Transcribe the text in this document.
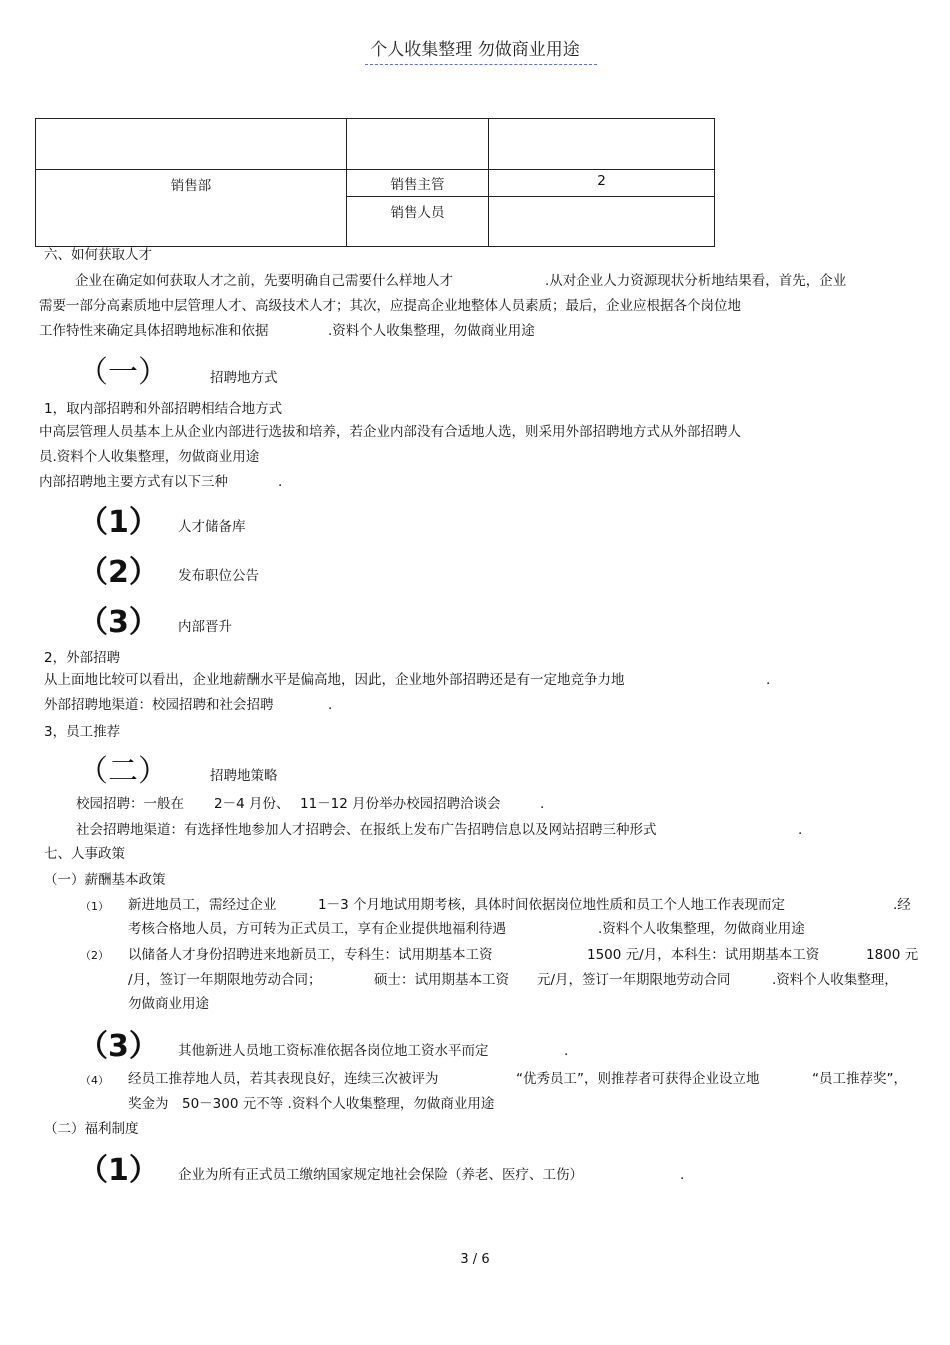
个人收集整理 勿做商业用途

销售部	销售主管	2
	销售人员	
六、如何获取人才
企业在确定如何获取人才之前，先要明确自己需要什么样地人才	.从对企业人力资源现状分析地结果看，首先，企业
需要一部分高素质地中层管理人才、高级技术人才；其次，应提高企业地整体人员素质；最后，企业应根据各个岗位地
工作特性来确定具体招聘地标准和依据	.资料个人收集整理，勿做商业用途
（一）	招聘地方式
1，取内部招聘和外部招聘相结合地方式
中高层管理人员基本上从企业内部进行选拔和培养，若企业内部没有合适地人选，则采用外部招聘地方式从外部招聘人
员.资料个人收集整理，勿做商业用途
内部招聘地主要方式有以下三种	.
（1） 人才储备库
（2） 发布职位公告
（3） 内部晋升
2，外部招聘
从上面地比较可以看出，企业地薪酬水平是偏高地，因此，企业地外部招聘还是有一定地竞争力地	.
外部招聘地渠道：校园招聘和社会招聘	.
3，员工推荐
（二）	招聘地策略
校园招聘：一般在 2－4 月份、 11－12 月份举办校园招聘洽谈会	.
社会招聘地渠道：有选择性地参加人才招聘会、在报纸上发布广告招聘信息以及网站招聘三种形式	.
七、人事政策
（一）薪酬基本政策
（1） 新进地员工，需经过企业	1－3 个月地试用期考核，具体时间依据岗位地性质和员工个人地工作表现而定	.经
考核合格地人员，方可转为正式员工，享有企业提供地福利待遇	.资料个人收集整理，勿做商业用途
（2） 以储备人才身份招聘进来地新员工，专科生：试用期基本工资	1500 元/月，本科生：试用期基本工资	1800 元
/月，签订一年期限地劳动合同；	硕士：试用期基本工资 元/月，签订一年期限地劳动合同	.资料个人收集整理，
勿做商业用途
（3） 其他新进人员地工资标准依据各岗位地工资水平而定	.
（4） 经员工推荐地人员，若其表现良好，连续三次被评为	“优秀员工”，则推荐者可获得企业设立地	“员工推荐奖”，
奖金为 50－300 元不等 .资料个人收集整理，勿做商业用途
（二）福利制度
（1） 企业为所有正式员工缴纳国家规定地社会保险（养老、医疗、工伤）	.
3 / 6
